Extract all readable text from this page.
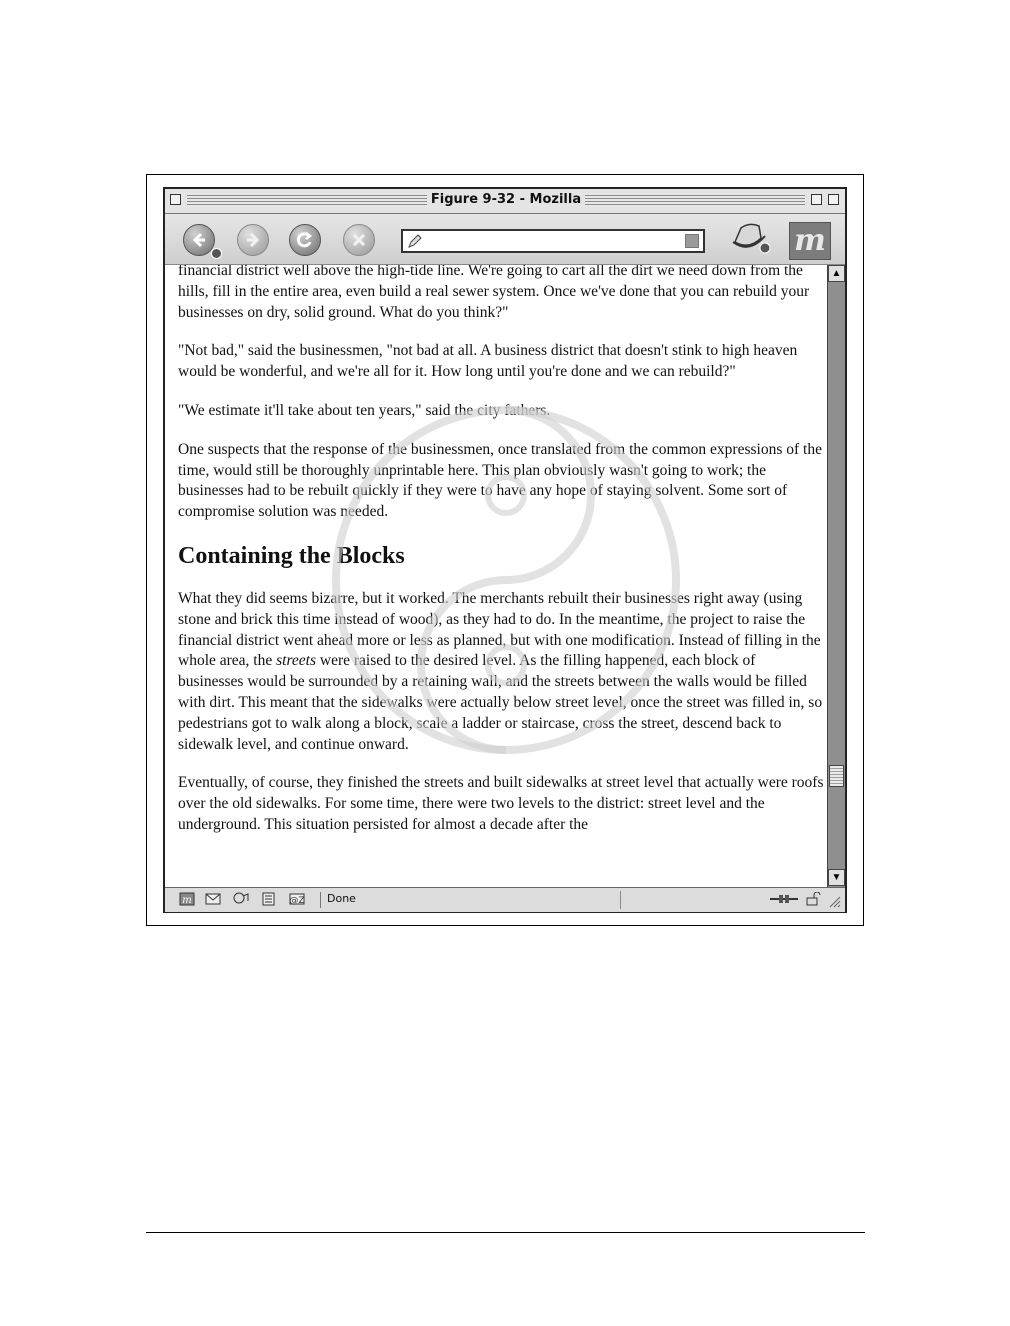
Figure 9-32 - Mozilla
m

financial district well above the high-tide line. We're going to cart all the dirt we need down from the hills, fill in the entire area, even build a real sewer system. Once we've done that you can rebuild your businesses on dry, solid ground. What do you think?"

"Not bad," said the businessmen, "not bad at all. A business district that doesn't stink to high heaven would be wonderful, and we're all for it. How long until you're done and we can rebuild?"

"We estimate it'll take about ten years," said the city fathers.

One suspects that the response of the businessmen, once translated from the common expressions of the time, would still be thoroughly unprintable here. This plan obviously wasn't going to work; the businesses had to be rebuilt quickly if they were to have any hope of staying solvent. Some sort of compromise solution was needed.

Containing the Blocks

What they did seems bizarre, but it worked. The merchants rebuilt their businesses right away (using stone and brick this time instead of wood), as they had to do. In the meantime, the project to raise the financial district went ahead more or less as planned, but with one modification. Instead of filling in the whole area, the streets were raised to the desired level. As the filling happened, each block of businesses would be surrounded by a retaining wall, and the streets between the walls would be filled with dirt. This meant that the sidewalks were actually below street level, once the street was filled in, so pedestrians got to walk along a block, scale a ladder or staircase, cross the street, descend back to sidewalk level, and continue onward.

Eventually, of course, they finished the streets and built sidewalks at street level that actually were roofs over the old sidewalks. For some time, there were two levels to the district: street level and the underground. This situation persisted for almost a decade after the

▲
▼
m	@Z	Done
